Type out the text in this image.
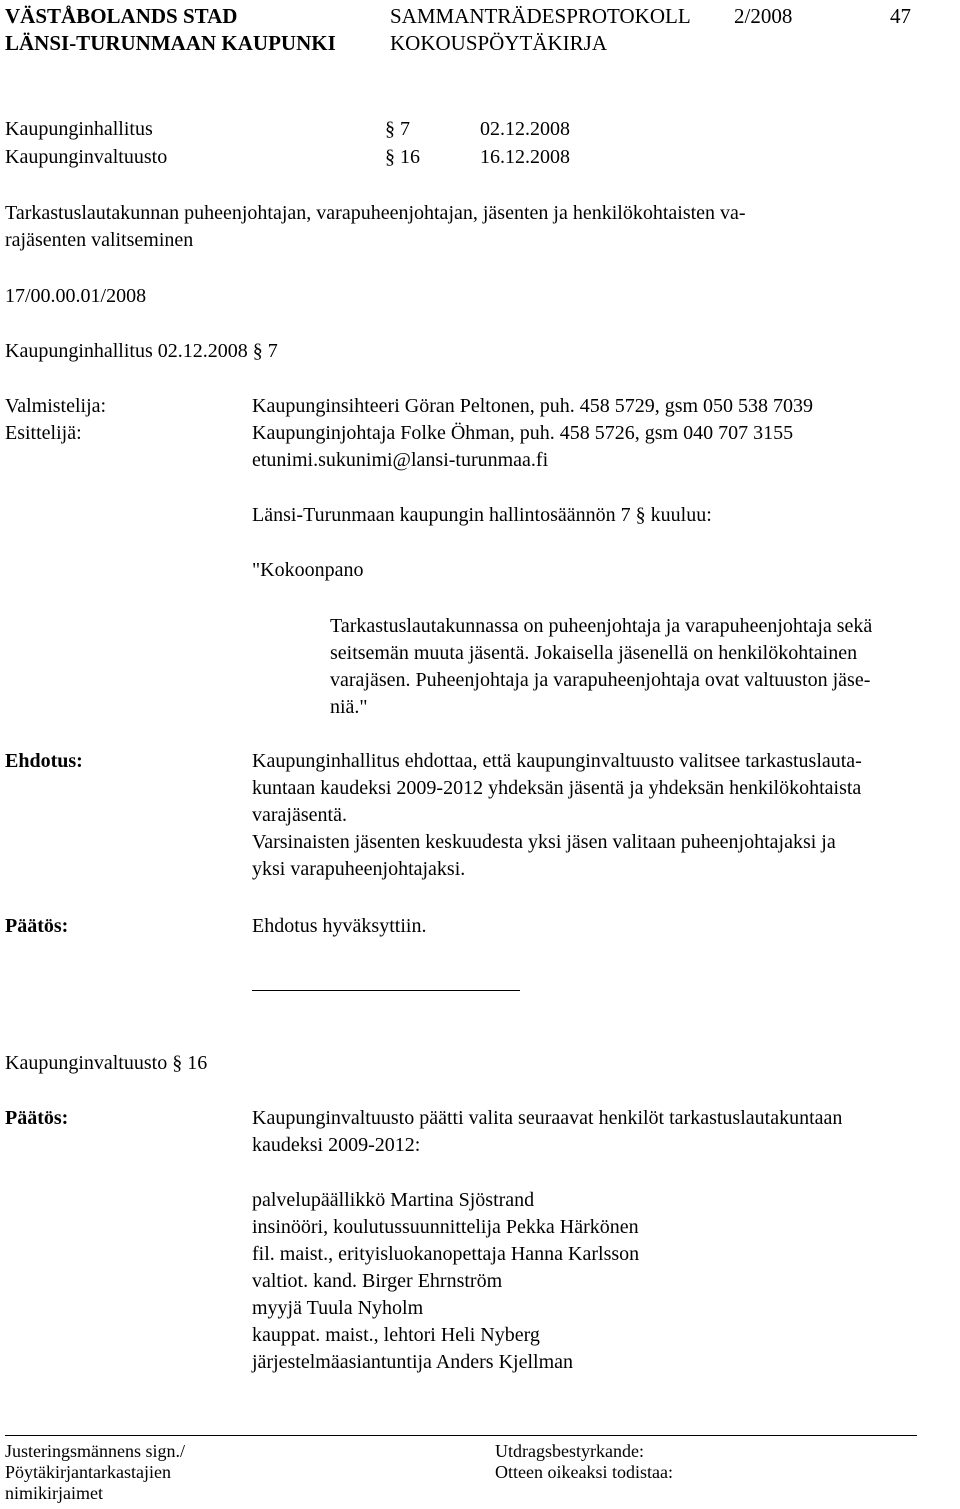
VÄSTÅBOLANDS STAD
LÄNSI-TURUNMAAN KAUPUNKI
SAMMANTRÄDESPROTOKOLL
KOKOUSPÖYTÄKIRJA
2/2008	47
Kaupunginhallitus	§ 7	02.12.2008
Kaupunginvaltuusto	§ 16	16.12.2008
Tarkastuslautakunnan puheenjohtajan, varapuheenjohtajan, jäsenten ja henkilökohtaisten va-
rajäsenten valitseminen
17/00.00.01/2008
Kaupunginhallitus 02.12.2008 § 7
Valmistelija:	Kaupunginsihteeri Göran Peltonen, puh. 458 5729, gsm 050 538 7039
Esittelijä:	Kaupunginjohtaja Folke Öhman, puh. 458 5726, gsm 040 707 3155
etunimi.sukunimi@lansi-turunmaa.fi
Länsi-Turunmaan kaupungin hallintosäännön 7 § kuuluu:
"Kokoonpano
Tarkastuslautakunnassa on puheenjohtaja ja varapuheenjohtaja sekä
seitsemän muuta jäsentä. Jokaisella jäsenellä on henkilökohtainen
varajäsen. Puheenjohtaja ja varapuheenjohtaja ovat valtuuston jäse-
niä."
Ehdotus:	Kaupunginhallitus ehdottaa, että kaupunginvaltuusto valitsee tarkastuslauta-
kuntaan kaudeksi 2009-2012 yhdeksän jäsentä ja yhdeksän henkilökohtaista
varajäsentä.
Varsinaisten jäsenten keskuudesta yksi jäsen valitaan puheenjohtajaksi ja
yksi varapuheenjohtajaksi.
Päätös:	Ehdotus hyväksyttiin.
Kaupunginvaltuusto § 16
Päätös:	Kaupunginvaltuusto päätti valita seuraavat henkilöt tarkastuslautakuntaan
kaudeksi 2009-2012:
palvelupäällikkö Martina Sjöstrand
insinööri, koulutussuunnittelija Pekka Härkönen
fil. maist., erityisluokanopettaja Hanna Karlsson
valtiot. kand. Birger Ehrnström
myyjä Tuula Nyholm
kauppat. maist., lehtori Heli Nyberg
järjestelmäasiantuntija Anders Kjellman
Justeringsmännens sign./
Pöytäkirjantarkastajien
nimikirjaimet
Utdragsbestyrkande:
Otteen oikeaksi todistaa:
